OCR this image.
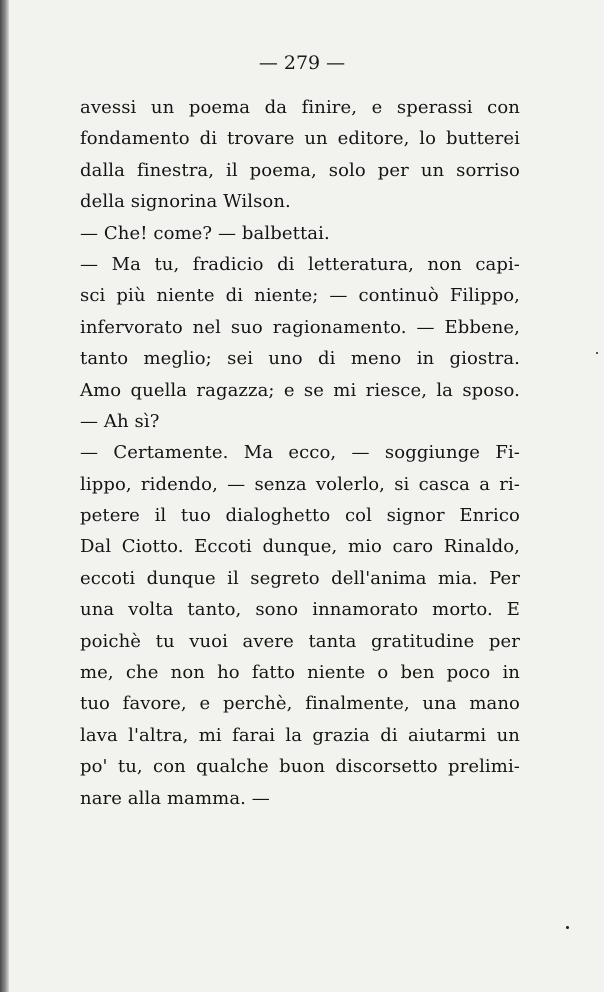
— 279 —
avessi un poema da finire, e sperassi con
fondamento di trovare un editore, lo butterei
dalla finestra, il poema, solo per un sorriso
della signorina Wilson.
— Che! come? — balbettai.
— Ma tu, fradicio di letteratura, non capi-
sci più niente di niente; — continuò Filippo,
infervorato nel suo ragionamento. — Ebbene,
tanto meglio; sei uno di meno in giostra.
Amo quella ragazza; e se mi riesce, la sposo.
— Ah sì?
— Certamente. Ma ecco, — soggiunge Fi-
lippo, ridendo, — senza volerlo, si casca a ri-
petere il tuo dialoghetto col signor Enrico
Dal Ciotto. Eccoti dunque, mio caro Rinaldo,
eccoti dunque il segreto dell'anima mia. Per
una volta tanto, sono innamorato morto. E
poichè tu vuoi avere tanta gratitudine per
me, che non ho fatto niente o ben poco in
tuo favore, e perchè, finalmente, una mano
lava l'altra, mi farai la grazia di aiutarmi un
po' tu, con qualche buon discorsetto prelimi-
nare alla mamma. —
